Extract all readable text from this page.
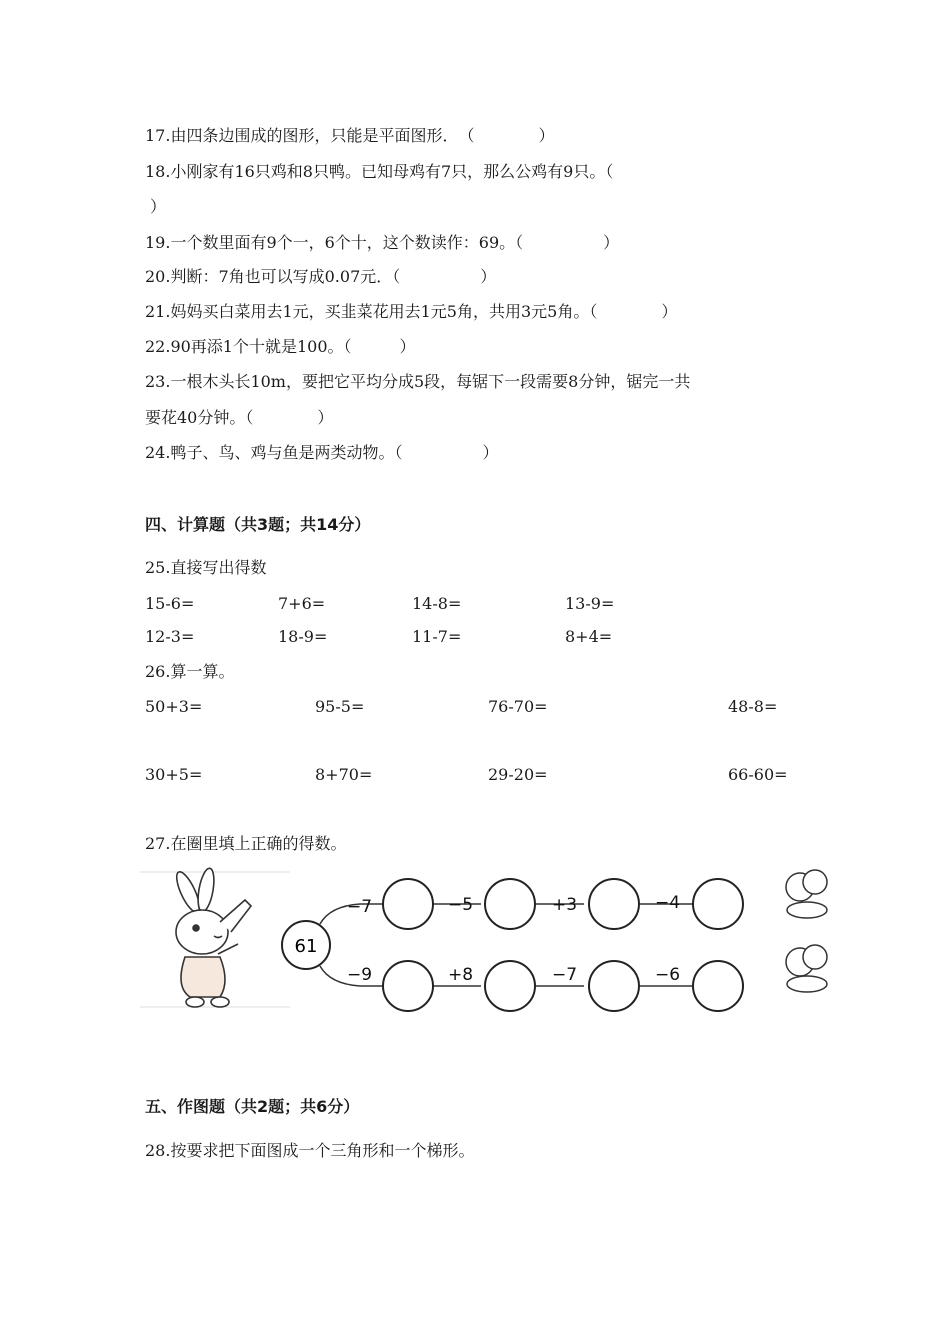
17.由四条边围成的图形，只能是平面图形．　（　　　　）
18.小刚家有16只鸡和8只鸭。已知母鸡有7只，那么公鸡有9只。（
）
19.一个数里面有9个一，6个十，这个数读作：69。（　　　　　）
20.判断：7角也可以写成0.07元．（　　　　　）
21.妈妈买白菜用去1元，买韭菜花用去1元5角，共用3元5角。（　　　　）
22.90再添1个十就是100。（　　　）
23.一根木头长10m，要把它平均分成5段，每锯下一段需要8分钟，锯完一共
要花40分钟。（　　　　）
24.鸭子、鸟、鸡与鱼是两类动物。（　　　　　）
四、计算题（共3题；共14分）
25.直接写出得数
15-6=	7+6=	14-8=	13-9=
12-3=	18-9=	11-7=	8+4=
26.算一算。
50+3=	95-5=	76-70=	48-8=
30+5=	8+70=	29-20=	66-60=
27.在圈里填上正确的得数。
61
−7	−5	+3	−4
−9	+8	−7	−6
五、作图题（共2题；共6分）
28.按要求把下面图成一个三角形和一个梯形。
